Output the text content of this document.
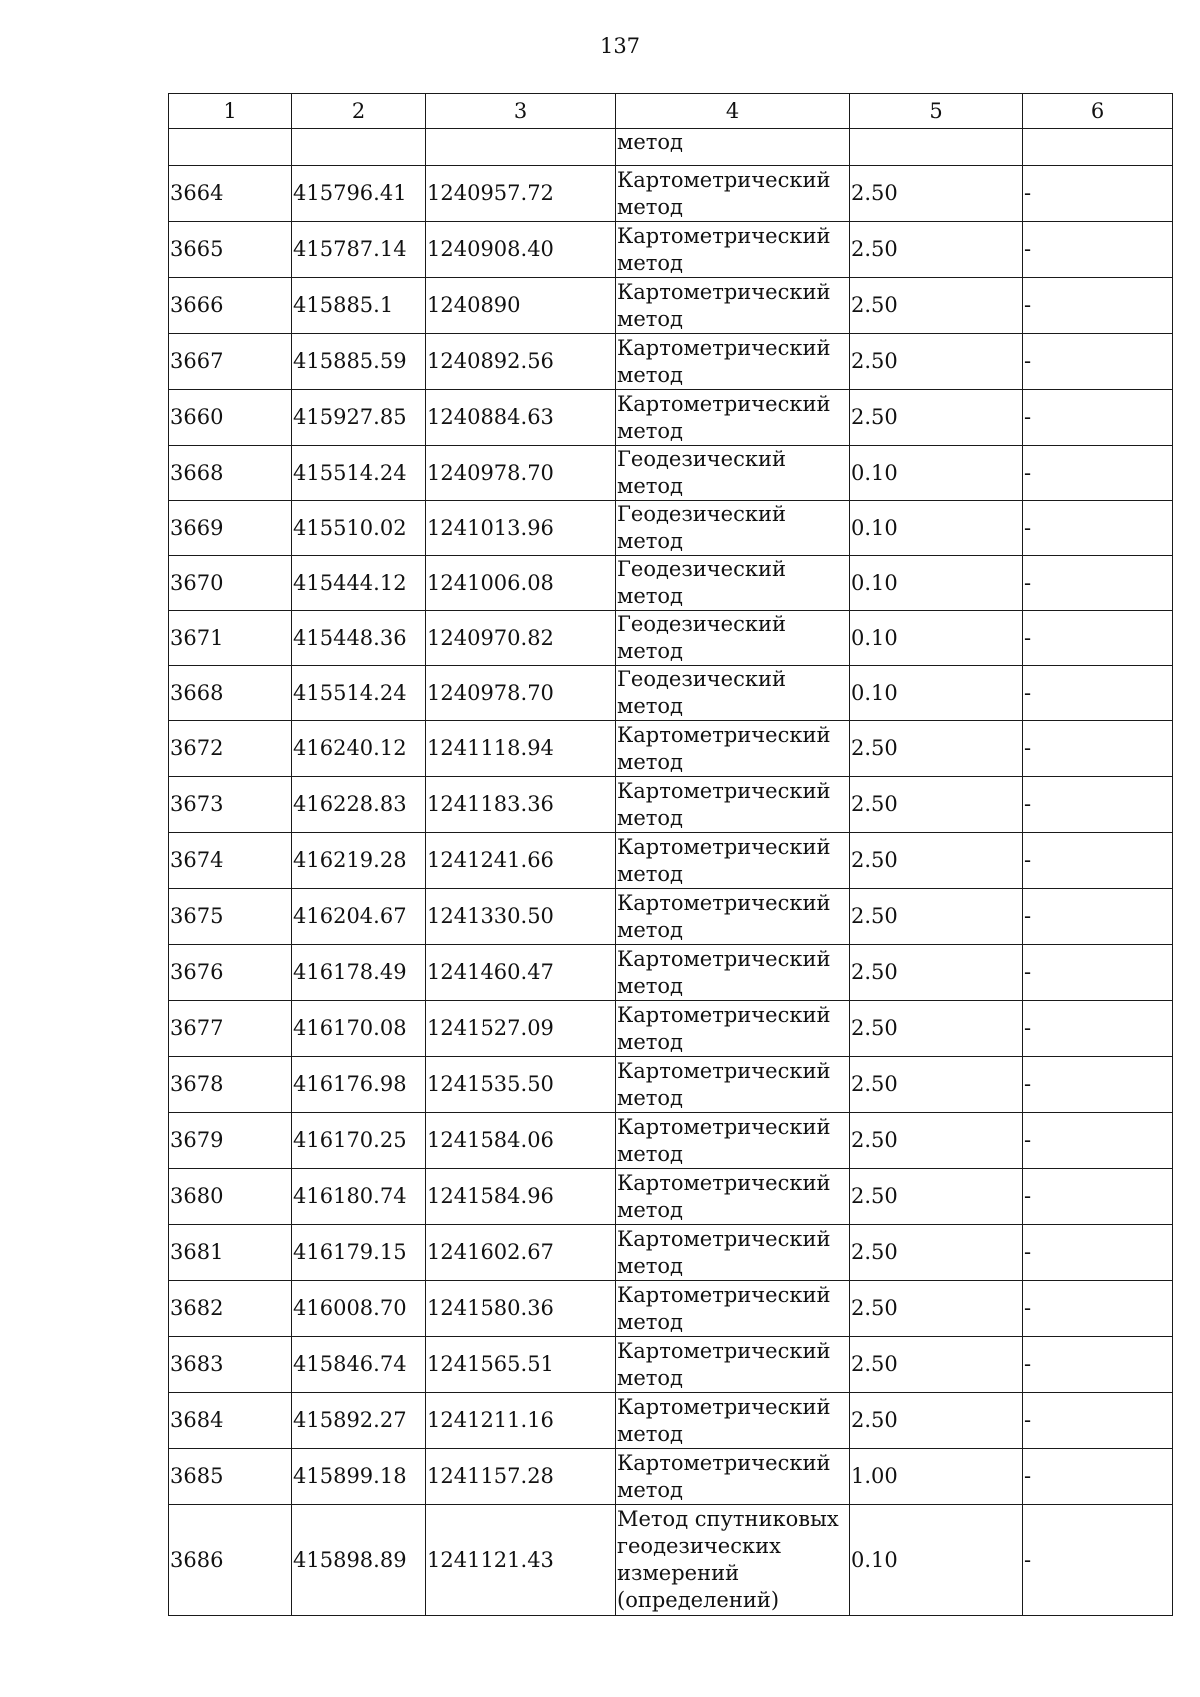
137
1	2	3	4	5	6
			метод		
3664	415796.41	1240957.72	Картометрический метод	2.50	-
3665	415787.14	1240908.40	Картометрический метод	2.50	-
3666	415885.1	1240890	Картометрический метод	2.50	-
3667	415885.59	1240892.56	Картометрический метод	2.50	-
3660	415927.85	1240884.63	Картометрический метод	2.50	-
3668	415514.24	1240978.70	Геодезический метод	0.10	-
3669	415510.02	1241013.96	Геодезический метод	0.10	-
3670	415444.12	1241006.08	Геодезический метод	0.10	-
3671	415448.36	1240970.82	Геодезический метод	0.10	-
3668	415514.24	1240978.70	Геодезический метод	0.10	-
3672	416240.12	1241118.94	Картометрический метод	2.50	-
3673	416228.83	1241183.36	Картометрический метод	2.50	-
3674	416219.28	1241241.66	Картометрический метод	2.50	-
3675	416204.67	1241330.50	Картометрический метод	2.50	-
3676	416178.49	1241460.47	Картометрический метод	2.50	-
3677	416170.08	1241527.09	Картометрический метод	2.50	-
3678	416176.98	1241535.50	Картометрический метод	2.50	-
3679	416170.25	1241584.06	Картометрический метод	2.50	-
3680	416180.74	1241584.96	Картометрический метод	2.50	-
3681	416179.15	1241602.67	Картометрический метод	2.50	-
3682	416008.70	1241580.36	Картометрический метод	2.50	-
3683	415846.74	1241565.51	Картометрический метод	2.50	-
3684	415892.27	1241211.16	Картометрический метод	2.50	-
3685	415899.18	1241157.28	Картометрический метод	1.00	-
3686	415898.89	1241121.43	Метод спутниковых геодезических измерений (определений)	0.10	-
